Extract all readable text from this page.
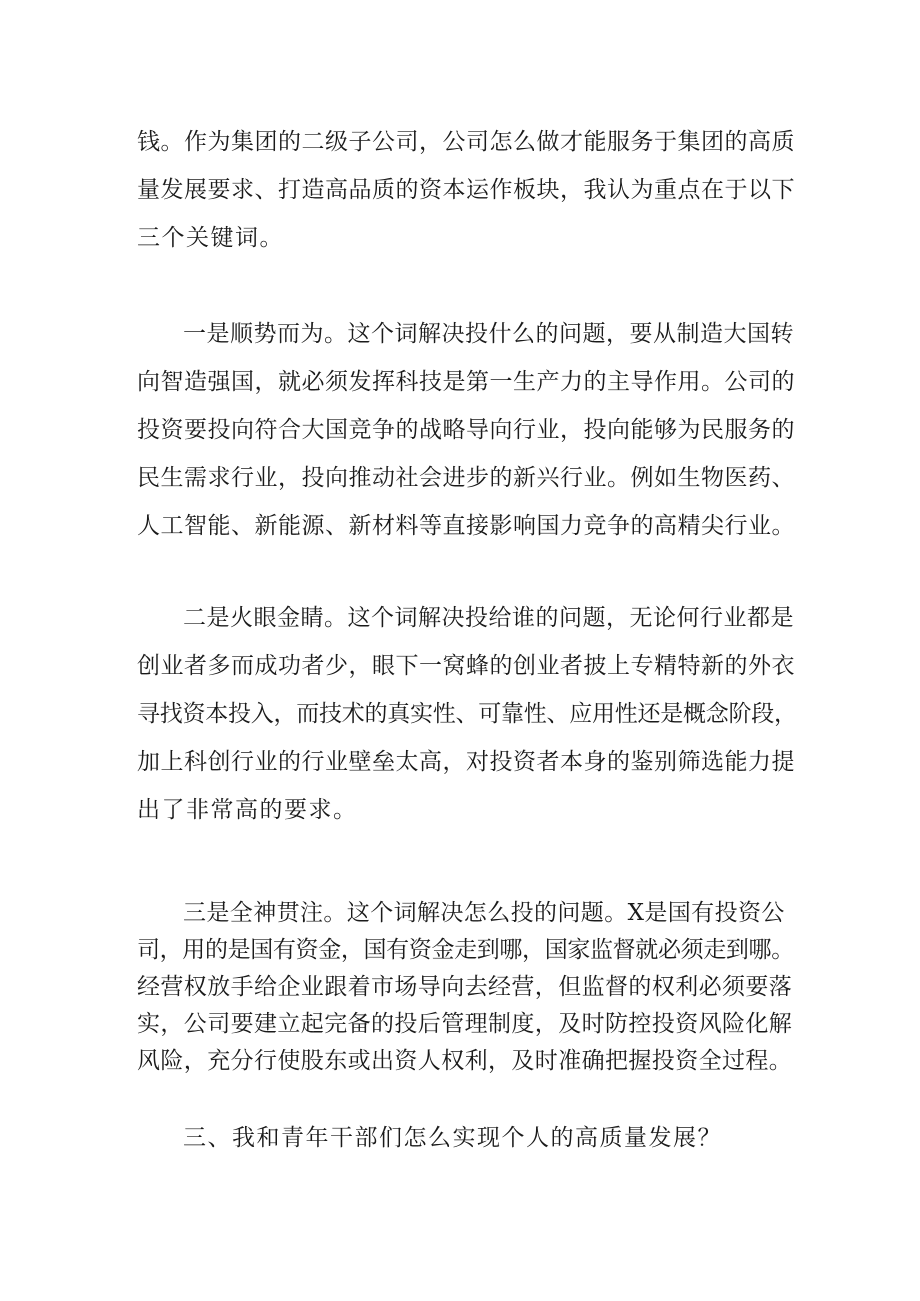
钱。作为集团的二级子公司，公司怎么做才能服务于集团的高质
量发展要求、打造高品质的资本运作板块，我认为重点在于以下
三个关键词。
一是顺势而为。这个词解决投什么的问题，要从制造大国转
向智造强国，就必须发挥科技是第一生产力的主导作用。公司的
投资要投向符合大国竞争的战略导向行业，投向能够为民服务的
民生需求行业，投向推动社会进步的新兴行业。例如生物医药、
人工智能、新能源、新材料等直接影响国力竞争的高精尖行业。
二是火眼金睛。这个词解决投给谁的问题，无论何行业都是
创业者多而成功者少，眼下一窝蜂的创业者披上专精特新的外衣
寻找资本投入，而技术的真实性、可靠性、应用性还是概念阶段，
加上科创行业的行业壁垒太高，对投资者本身的鉴别筛选能力提
出了非常高的要求。
三是全神贯注。这个词解决怎么投的问题。X是国有投资公
司，用的是国有资金，国有资金走到哪，国家监督就必须走到哪。
经营权放手给企业跟着市场导向去经营，但监督的权利必须要落
实，公司要建立起完备的投后管理制度，及时防控投资风险化解
风险，充分行使股东或出资人权利，及时准确把握投资全过程。
三、我和青年干部们怎么实现个人的高质量发展？
